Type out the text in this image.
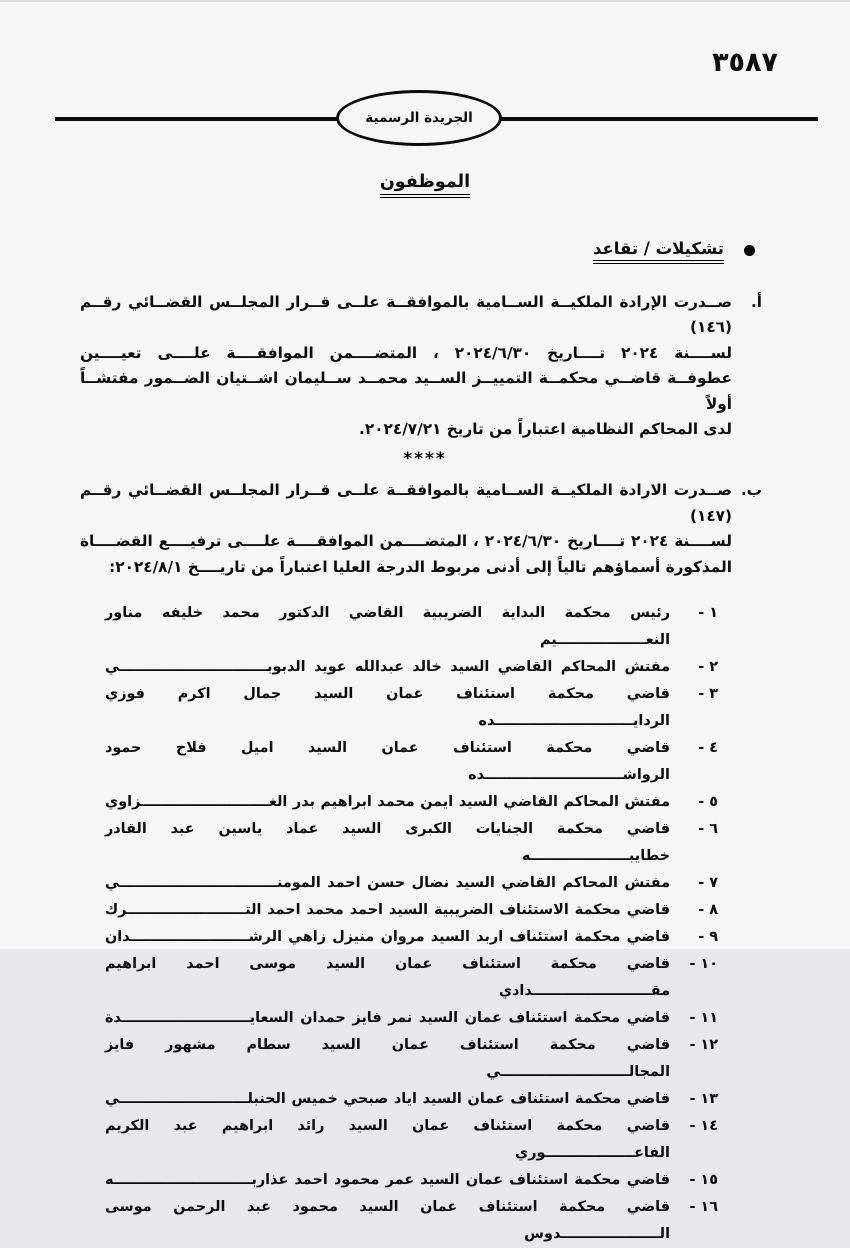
٣٥٨٧
الجريدة الرسمية
الموظفون
تشكيلات / تقاعد
أ.
صــدرت الإرادة الملكيــة الســامية بالموافقــة علــى قــرار المجلــس القضــائي رقــم (١٤٦)
لســــنة ٢٠٢٤ تــــاريخ ٢٠٢٤/٦/٣٠ ، المتضــــمن الموافقــــة علــــى تعيــــين
عطوفــة قاضــي محكمــة التمييــز الســيد محمــد ســليمان اشــتيان الضــمور مفتشــاً أولاً
لدى المحاكم النظامية اعتباراً من تاريخ ٢٠٢٤/٧/٢١.
****
ب.
صــدرت الارادة الملكيــة الســامية بالموافقــة علــى قــرار المجلــس القضــائي رقــم (١٤٧)
لســــنة ٢٠٢٤ تــــاريخ ٢٠٢٤/٦/٣٠ ، المتضــــمن الموافقــــة علــــى ترفيــــع القضــــاة
المذكورة أسماؤهم تالياً إلى أدنى مربوط الدرجة العليا اعتباراً من تاريــــخ ٢٠٢٤/٨/١:
١ -
رئيس محكمة البداية الضريبية القاضي الدكتور محمد خليفه مناور النعــــــــــــــــــيم
٢ -
مفتش المحاكم القاضي السيد خالد عبدالله عويد الدبوبــــــــــــــــــــــــــــــي
٣ -
قاضي محكمة استئناف عمان السيد جمال اكرم فوزي الردايــــــــــــــــــــــــــــده
٤ -
قاضي محكمة استئناف عمان السيد اميل فلاح حمود الرواشــــــــــــــــــــــــــــده
٥ -
مفتش المحاكم القاضي السيد ايمن محمد ابراهيم بدر الغــــــــــــــــــــــــــزاوي
٦ -
قاضي محكمة الجنايات الكبرى السيد عماد ياسين عبد القادر خطايبــــــــــــــــــــه
٧ -
مفتش المحاكم القاضي السيد نضال حسن احمد المومنــــــــــــــــــــــــــــــــي
٨ -
قاضي محكمة الاستئناف الضريبية السيد احمد محمد احمد التــــــــــــــــــــــــرك
٩ -
قاضي محكمة استئناف اربد السيد مروان منيزل زاهي الرشــــــــــــــــــــــــدان
١٠ -
قاضي محكمة استئناف عمان السيد موسى احمد ابراهيم مقــــــــــــــــــــــــدادي
١١ -
قاضي محكمة استئناف عمان السيد نمر فايز حمدان السعايــــــــــــــــــــــــــدة
١٢ -
قاضي محكمة استئناف عمان السيد سطام مشهور فايز المجالــــــــــــــــــــــــــي
١٣ -
قاضي محكمة استئناف عمان السيد اياد صبحي خميس الحنبلــــــــــــــــــــــــــي
١٤ -
قاضي محكمة استئناف عمان السيد رائد ابراهيم عبد الكريم الفاعــــــــــــــــــوري
١٥ -
قاضي محكمة استئناف عمان السيد عمر محمود احمد عذاربــــــــــــــــــــــــــــه
١٦ -
قاضي محكمة استئناف عمان السيد محمود عبد الرحمن موسى الــــــــــــــــــــدوس
